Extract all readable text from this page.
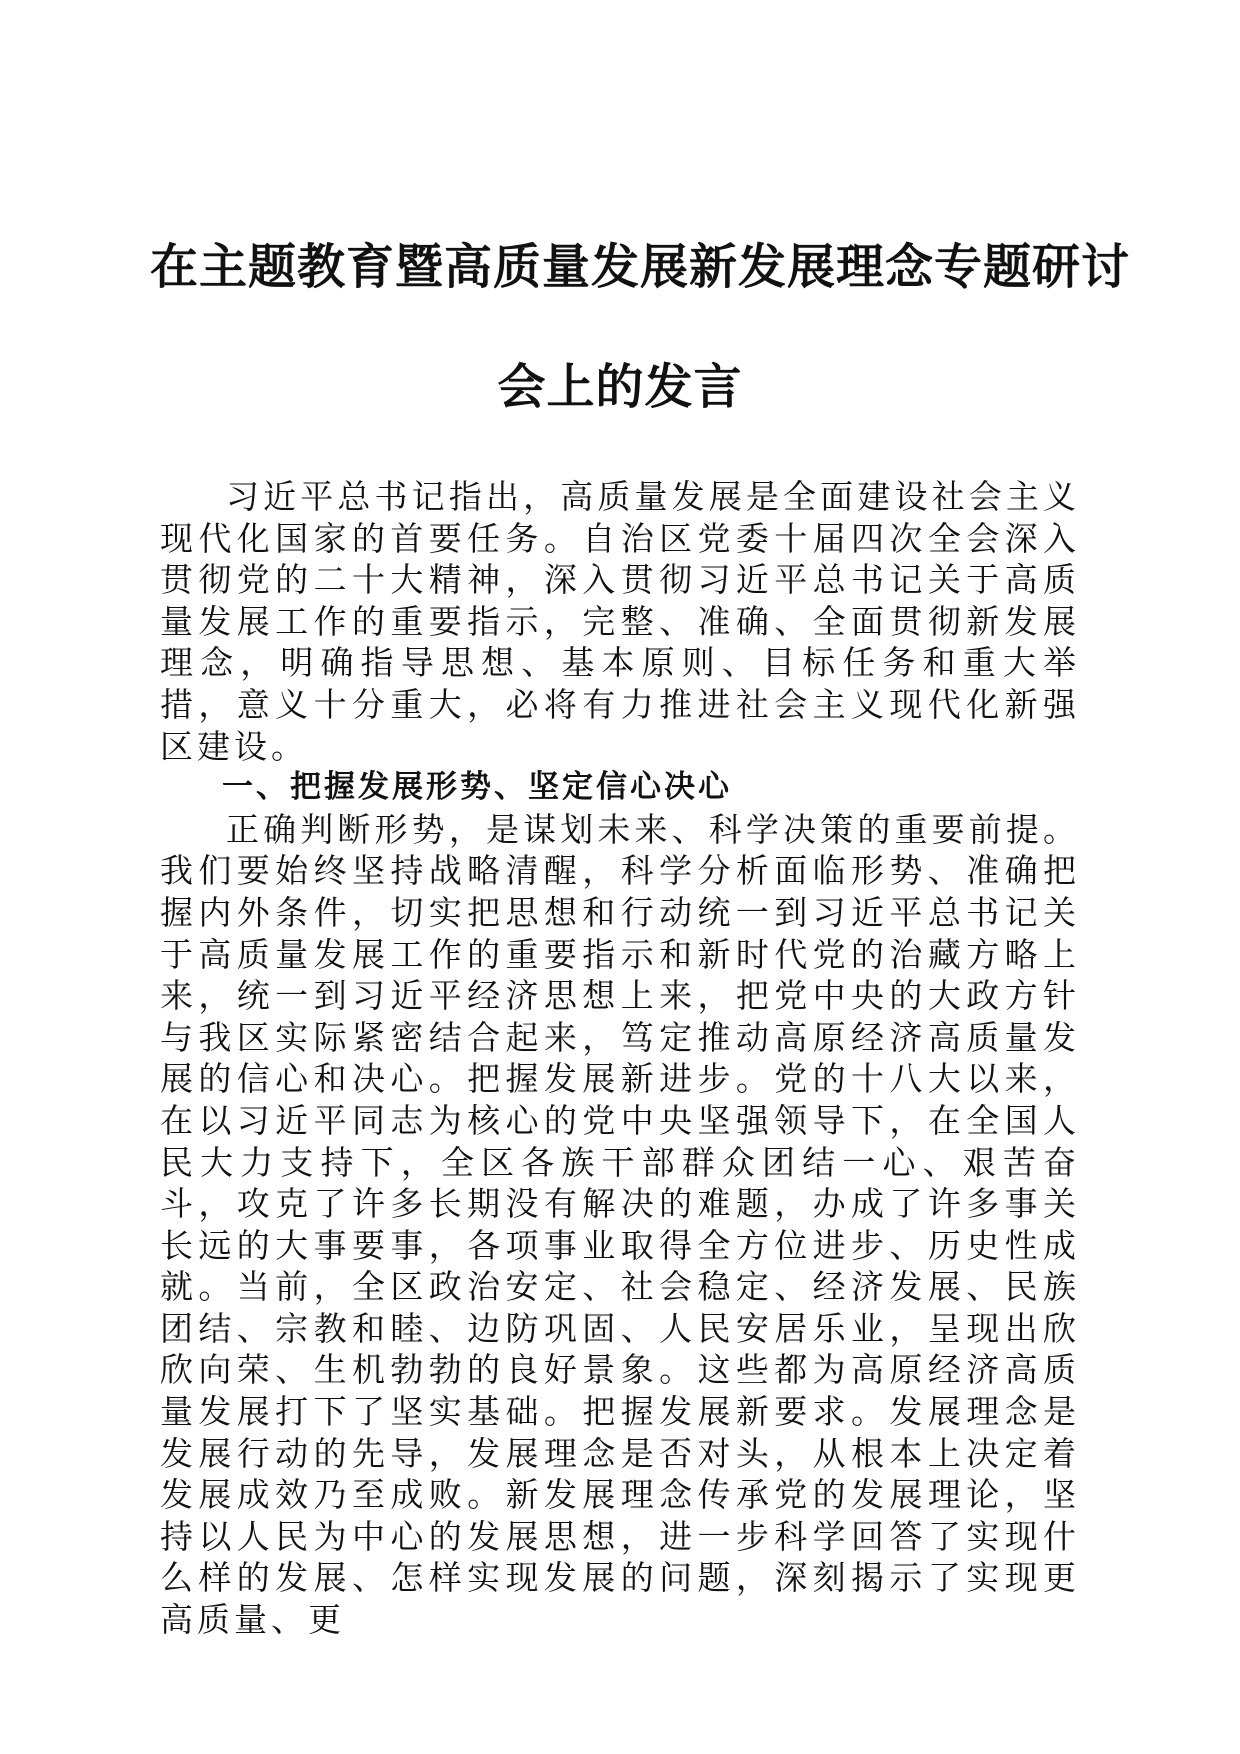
在主题教育暨高质量发展新发展理念专题研讨
会上的发言

习近平总书记指出，高质量发展是全面建设社会主义现代化国家的首要任务。自治区党委十届四次全会深入贯彻党的二十大精神，深入贯彻习近平总书记关于高质量发展工作的重要指示，完整、准确、全面贯彻新发展理念，明确指导思想、基本原则、目标任务和重大举措，意义十分重大，必将有力推进社会主义现代化新强区建设。

一、把握发展形势、坚定信心决心

正确判断形势，是谋划未来、科学决策的重要前提。我们要始终坚持战略清醒，科学分析面临形势、准确把握内外条件，切实把思想和行动统一到习近平总书记关于高质量发展工作的重要指示和新时代党的治藏方略上来，统一到习近平经济思想上来，把党中央的大政方针与我区实际紧密结合起来，笃定推动高原经济高质量发展的信心和决心。把握发展新进步。党的十八大以来，在以习近平同志为核心的党中央坚强领导下，在全国人民大力支持下，全区各族干部群众团结一心、艰苦奋斗，攻克了许多长期没有解决的难题，办成了许多事关长远的大事要事，各项事业取得全方位进步、历史性成就。当前，全区政治安定、社会稳定、经济发展、民族团结、宗教和睦、边防巩固、人民安居乐业，呈现出欣欣向荣、生机勃勃的良好景象。这些都为高原经济高质量发展打下了坚实基础。把握发展新要求。发展理念是发展行动的先导，发展理念是否对头，从根本上决定着发展成效乃至成败。新发展理念传承党的发展理论，坚持以人民为中心的发展思想，进一步科学回答了实现什么样的发展、怎样实现发展的问题，深刻揭示了实现更高质量、更
